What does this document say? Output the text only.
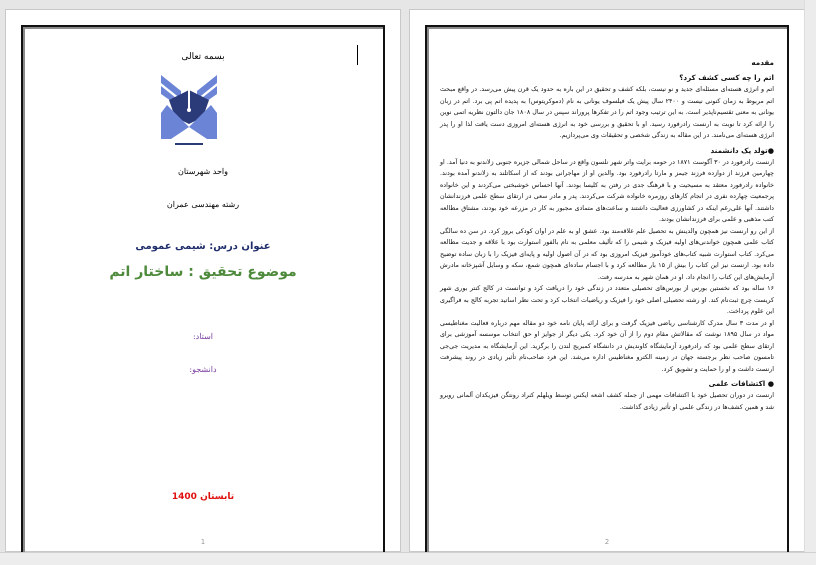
بسمه تعالی
واحد شهرستان
رشته مهندسی عمران
عنوان درس: شیمی عمومی
موضوع تحقیق : ساختار اتم
استاد:
دانشجو:
تابستان 1400
1
مقدمه
اتم را چه کسی کشف کرد؟

اتم و انرژی هسته‌ای مسئله‌ای جدید و نو نیست، بلکه کشف و تحقیق در این باره به حدود یک قرن پیش می‌رسد. در واقع مبحث اتم مربوط به زمان کنونی نیست و ۲۴۰۰ سال پیش یک فیلسوف یونانی به نام (دموکریتوس) به پدیده اتم پی برد. اتم در زبان یونانی به معنی تقسیم‌ناپذیر است. به این ترتیب وجود اتم را در تفکرها پروراند سپس در سال ۱۸۰۸ جان دالتون نظریه اتمی نوین را ارائه کرد تا نوبت به ارنست رادرفورد رسید. او با تحقیق و بررسی خود به انرژی هسته‌ای امروزی دست یافت لذا او را پدر انرژی هسته‌ای می‌نامند. در این مقاله به زندگی شخصی و تحقیقات وی می‌پردازیم.

●تولد یک دانشمند

ارنست رادرفورد در ۳۰ آگوست ۱۸۷۱ در حومه برایت واتر شهر نلسون واقع در ساحل شمالی جزیره جنوبی زلاندنو به دنیا آمد. او چهارمین فرزند از دوازده فرزند جیمز و مارتا رادرفورد بود. والدین او از مهاجرانی بودند که از اسکاتلند به زلاندنو آمده بودند. خانواده رادرفورد معتقد به مسیحیت و با فرهنگ جدی در رفتن به کلیسا بودند. آنها احساس خوشبختی می‌کردند و این خانواده پرجمعیت چهارده نفری در انجام کارهای روزمره خانواده شرکت می‌کردند. پدر و مادر سعی در ارتقای سطح علمی فرزندانشان داشتند. آنها علی‌رغم اینکه در کشاورزی فعالیت داشتند و ساعت‌های متمادی مجبور به کار در مزرعه خود بودند، مشتاق مطالعه کتب مذهبی و علمی برای فرزندانشان بودند.

از این رو ارنست نیز همچون والدینش به تحصیل علم علاقه‌مند بود. عشق او به علم در اوان کودکی بروز کرد. در سن ده سالگی کتاب علمی همچون خواندنی‌های اولیه فیزیک و شیمی را که تألیف معلمی به نام بالفور استوارت بود با علاقه و جدیت مطالعه می‌کرد. کتاب استوارت شبیه کتاب‌های خودآموز فیزیک امروزی بود که در آن اصول اولیه و پایه‌ای فیزیک را با زبان ساده توضیح داده بود. ارنست نیز این کتاب را بیش از ۱۵ بار مطالعه کرد و با اجسام ساده‌ای همچون شمع، سکه و وسایل آشپزخانه مادرش آزمایش‌های این کتاب را انجام داد. او در همان شهر به مدرسه رفت.

۱۶ ساله بود که نخستین بورس از بورس‌های تحصیلی متعدد در زندگی خود را دریافت کرد و توانست در کالج کنتر بوری شهر کریست چرچ ثبت‌نام کند. او رشته تحصیلی اصلی خود را فیزیک و ریاضیات انتخاب کرد و تحت نظر اساتید تجربه کالج به فراگیری این علوم پرداخت.

او در مدت ۳ سال مدرک کارشناسی ریاضی فیزیک گرفت و برای ارائه پایان نامه خود دو مقاله مهم درباره فعالیت مغناطیسی مواد در سال ۱۸۹۵ نوشت که مقالاتش مقام دوم را از آن خود کرد. یکی دیگر از جوایز او حق انتخاب موسسه آموزشی برای ارتقای سطح علمی بود که رادرفورد آزمایشگاه کاوندیش در دانشگاه کمبریج لندن را برگزید. این آزمایشگاه به مدیریت جی‌جی تامسون صاحب نظر برجسته جهان در زمینه الکترو مغناطیس اداره می‌شد. این فرد صاحب‌نام تأثیر زیادی در روند پیشرفت ارنست داشت و او را حمایت و تشویق کرد.

● اکتشافات علمی

ارنست در دوران تحصیل خود با اکتشافات مهمی از جمله کشف اشعه ایکس توسط ویلهلم کنراد رونتگن فیزیکدان آلمانی روبرو شد و همین کشف‌ها در زندگی علمی او تأثیر زیادی گذاشت.

2
